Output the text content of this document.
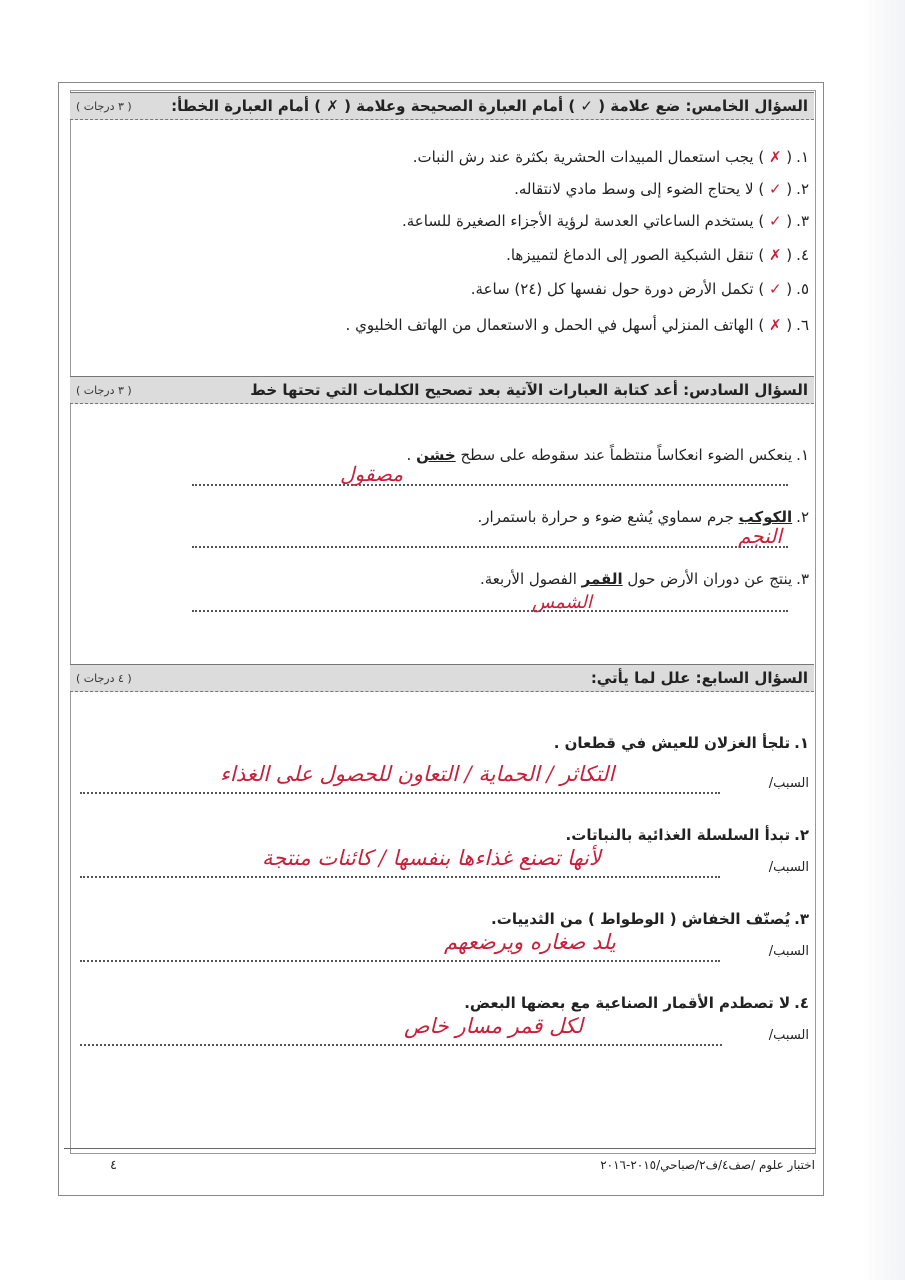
السؤال الخامس: ضع علامة ( ✓ ) أمام العبارة الصحيحة وعلامة ( ✗ ) أمام العبارة الخطأ:
( ٣ درجات )
١.( ✗ ) يجب استعمال المبيدات الحشرية بكثرة عند رش النبات.
٢.( ✓ ) لا يحتاج الضوء إلى وسط مادي لانتقاله.
٣.( ✓ ) يستخدم الساعاتي العدسة لرؤية الأجزاء الصغيرة للساعة.
٤.( ✗ ) تنقل الشبكية الصور إلى الدماغ لتمييزها.
٥.( ✓ ) تكمل الأرض دورة حول نفسها كل (٢٤) ساعة.
٦.( ✗ ) الهاتف المنزلي أسهل في الحمل و الاستعمال من الهاتف الخليوي .
السؤال السادس: أعد كتابة العبارات الآتية بعد تصحيح الكلمات التي تحتها خط
( ٣ درجات )
١.ينعكس الضوء انعكاساً منتظماً عند سقوطه على سطح خشن .
مصقول
٢.الكوكب جرم سماوي يُشع ضوء و حرارة باستمرار.
النجم
٣.ينتج عن دوران الأرض حول القمر الفصول الأربعة.
الشمس
السؤال السابع: علل لما يأتي:
( ٤ درجات )
١.تلجأ الغزلان للعيش في قطعان .
السبب/
التكاثر / الحماية / التعاون للحصول على الغذاء
٢.تبدأ السلسلة الغذائية بالنباتات.
السبب/
لأنها تصنع غذاءها بنفسها / كائنات منتجة
٣.يُصنّف الخفاش ( الوطواط ) من الثدييات.
السبب/
يلد صغاره ويرضعهم
٤.لا تصطدم الأقمار الصناعية مع بعضها البعض.
السبب/
لكل قمر مسار خاص
٤	اختبار علوم /صف٤/ف٢/صباحي/٢٠١٥-٢٠١٦
